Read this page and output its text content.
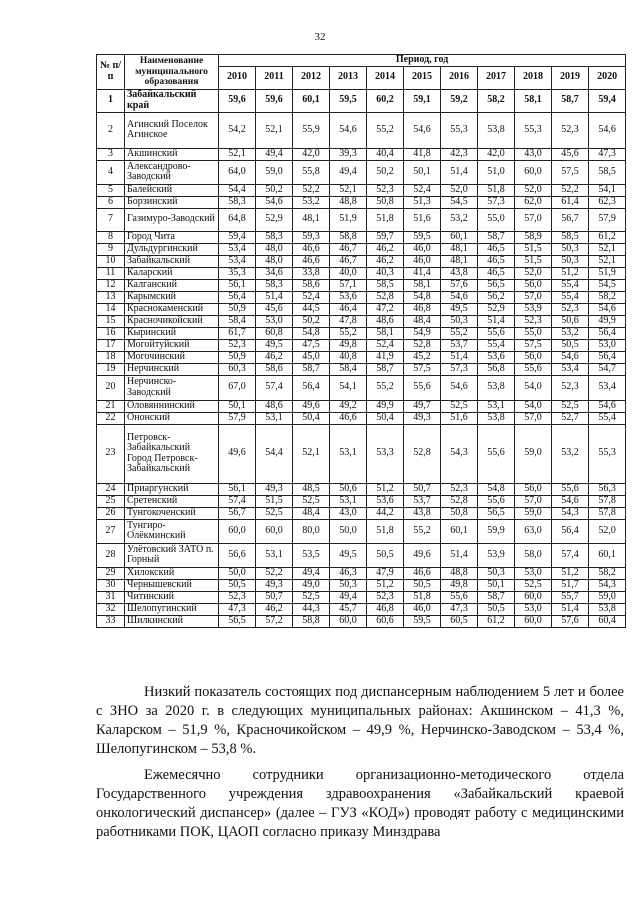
32
№ п/п	Наименование муниципального образования	Период, год										
		2010	2011	2012	2013	2014	2015	2016	2017	2018	2019	2020
1	Забайкальский край	59,6	59,6	60,1	59,5	60,2	59,1	59,2	58,2	58,1	58,7	59,4
2	Агинский Поселок Агинское	54,2	52,1	55,9	54,6	55,2	54,6	55,3	53,8	55,3	52,3	54,6
3	Акшинский	52,1	49,4	42,0	39,3	40,4	41,8	42,3	42,0	43,0	45,6	47,3
4	Александрово-Заводский	64,0	59,0	55,8	49,4	50,2	50,1	51,4	51,0	60,0	57,5	58,5
5	Балейский	54,4	50,2	52,2	52,1	52,3	52,4	52,0	51,8	52,0	52,2	54,1
6	Борзинский	58,3	54,6	53,2	48,8	50,8	51,3	54,5	57,3	62,0	61,4	62,3
7	Газимуро-Заводский	64,8	52,9	48,1	51,9	51,8	51,6	53,2	55,0	57,0	56,7	57,9
8	Город Чита	59,4	58,3	59,3	58,8	59,7	59,5	60,1	58,7	58,9	58,5	61,2
9	Дульдургинский	53,4	48,0	46,6	46,7	46,2	46,0	48,1	46,5	51,5	50,3	52,1
10	Забайкальский	53,4	48,0	46,6	46,7	46,2	46,0	48,1	46,5	51,5	50,3	52,1
11	Каларский	35,3	34,6	33,8	40,0	40,3	41,4	43,8	46,5	52,0	51,2	51,9
12	Калганский	56,1	58,3	58,6	57,1	58,5	58,1	57,6	56,5	56,0	55,4	54,5
13	Карымский	56,4	51,4	52,4	53,6	52,8	54,8	54,6	56,2	57,0	55,4	58,2
14	Краснокаменский	50,9	45,6	44,5	46,4	47,2	46,8	49,5	52,9	53,9	52,3	54,6
15	Красночикойский	58,4	53,0	50,2	47,8	48,6	48,4	50,3	51,4	52,3	50,6	49,9
16	Кыринский	61,7	60,8	54,8	55,2	58,1	54,9	55,2	55,6	55,0	53,2	56,4
17	Могойтуйский	52,3	49,5	47,5	49,8	52,4	52,8	53,7	55,4	57,5	50,5	53,0
18	Могочинский	50,9	46,2	45,0	40,8	41,9	45,2	51,4	53,6	56,0	54,6	56,4
19	Нерчинский	60,3	58,6	58,7	58,4	58,7	57,5	57,3	56,8	55,6	53,4	54,7
20	Нерчинско-Заводский	67,0	57,4	56,4	54,1	55,2	55,6	54,6	53,8	54,0	52,3	53,4
21	Оловяннинский	50,1	48,6	49,6	49,2	49,9	49,7	52,5	53,1	54,0	52,5	54,6
22	Ононский	57,9	53,1	50,4	46,6	50,4	49,3	51,6	53,8	57,0	52,7	55,4
23	Петровск-Забайкальский Город Петровск-Забайкальский	49,6	54,4	52,1	53,1	53,3	52,8	54,3	55,6	59,0	53,2	55,3
24	Приаргунский	56,1	49,3	48,5	50,6	51,2	50,7	52,3	54,8	56,0	55,6	56,3
25	Сретенский	57,4	51,5	52,5	53,1	53,6	53,7	52,8	55,6	57,0	54,6	57,8
26	Тунгокоченский	56,7	52,5	48,4	43,0	44,2	43,8	50,8	56,5	59,0	54,3	57,8
27	Тунгиро-Олёкминский	60,0	60,0	80,0	50,0	51,8	55,2	60,1	59,9	63,0	56,4	52,0
28	Улётовский ЗАТО п. Горный	56,6	53,1	53,5	49,5	50,5	49,6	51,4	53,9	58,0	57,4	60,1
29	Хилокский	50,0	52,2	49,4	46,3	47,9	46,6	48,8	50,3	53,0	51,2	58,2
30	Чернышевский	50,5	49,3	49,0	50,3	51,2	50,5	49,8	50,1	52,5	51,7	54,3
31	Читинский	52,3	50,7	52,5	49,4	52,3	51,8	55,6	58,7	60,0	55,7	59,0
32	Шелопугинский	47,3	46,2	44,3	45,7	46,8	46,0	47,3	50,5	53,0	51,4	53,8
33	Шилкинский	56,5	57,2	58,8	60,0	60,6	59,5	60,5	61,2	60,0	57,6	60,4

Низкий показатель состоящих под диспансерным наблюдением 5 лет и более с ЗНО за 2020 г. в следующих муниципальных районах: Акшинском – 41,3 %, Каларском – 51,9 %, Красночикойском – 49,9 %, Нерчинско-Заводском – 53,4 %, Шелопугинском – 53,8 %.

Ежемесячно сотрудники организационно-методического отдела Государственного учреждения здравоохранения «Забайкальский краевой онкологический диспансер» (далее – ГУЗ «КОД») проводят работу с медицинскими работниками ПОК, ЦАОП согласно приказу Минздрава
